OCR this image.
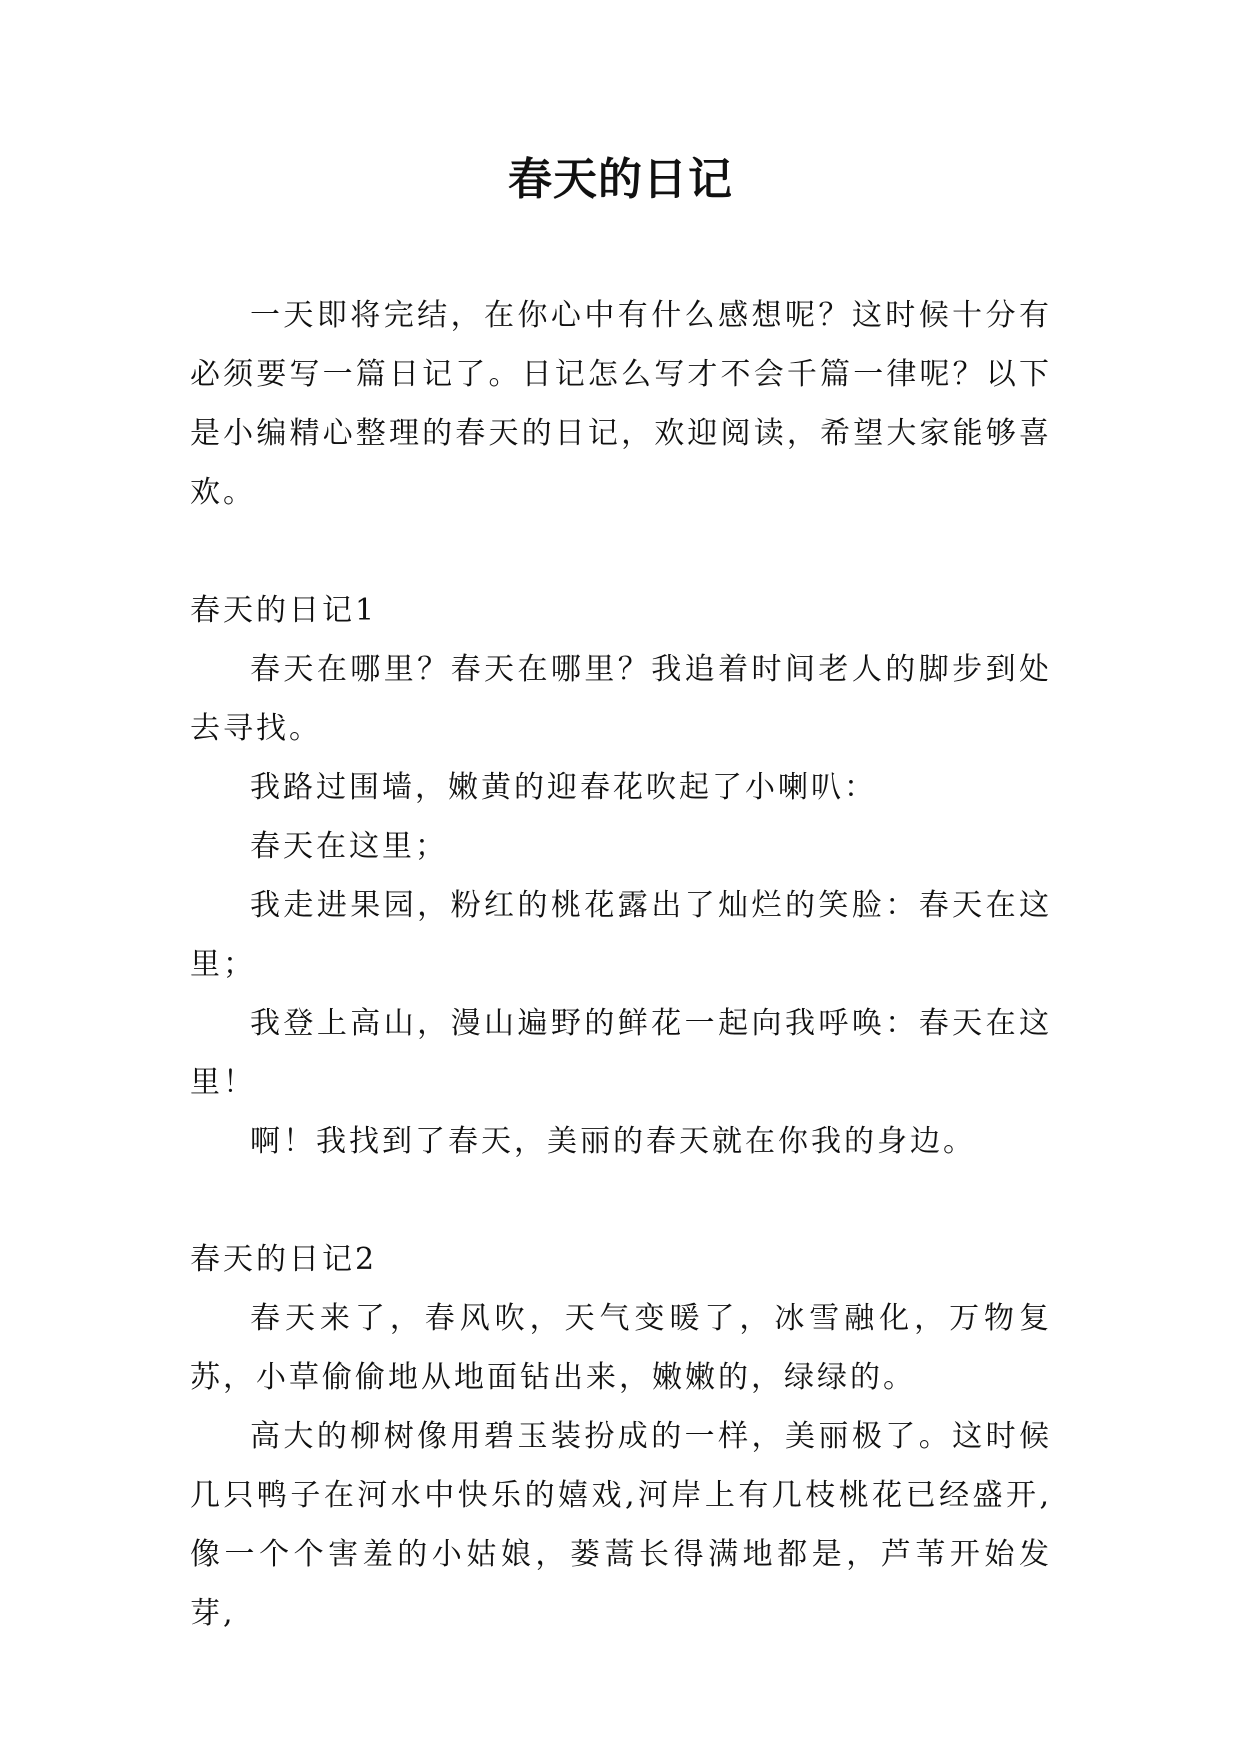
春天的日记

一天即将完结，在你心中有什么感想呢？这时候十分有必须要写一篇日记了。日记怎么写才不会千篇一律呢？以下是小编精心整理的春天的日记，欢迎阅读，希望大家能够喜欢。

春天的日记1

春天在哪里？春天在哪里？我追着时间老人的脚步到处去寻找。

我路过围墙，嫩黄的迎春花吹起了小喇叭：

春天在这里；

我走进果园，粉红的桃花露出了灿烂的笑脸：春天在这里；

我登上高山，漫山遍野的鲜花一起向我呼唤：春天在这里！

啊！我找到了春天，美丽的春天就在你我的身边。

春天的日记2

春天来了，春风吹，天气变暖了，冰雪融化，万物复苏，小草偷偷地从地面钻出来，嫩嫩的，绿绿的。

高大的柳树像用碧玉装扮成的一样，美丽极了。这时候几只鸭子在河水中快乐的嬉戏,河岸上有几枝桃花已经盛开,像一个个害羞的小姑娘，蒌蒿长得满地都是，芦苇开始发芽,
